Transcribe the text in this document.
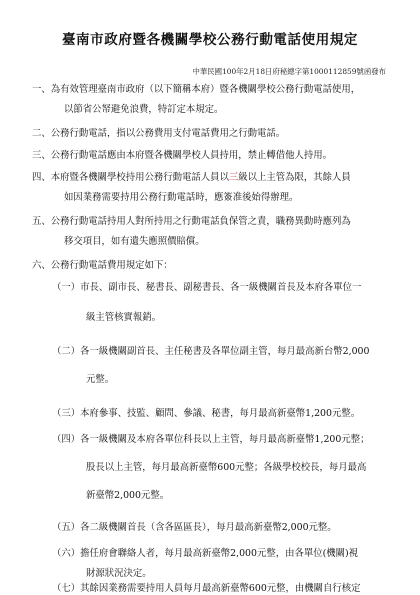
臺南市政府暨各機關學校公務行動電話使用規定
中華民國100年2月18日府秘總字第1000112859號函發布
一、為有效管理臺南市政府（以下簡稱本府）暨各機關學校公務行動電話使用，
以節省公帑避免浪費，特訂定本規定。
二、公務行動電話，指以公務費用支付電話費用之行動電話。
三、公務行動電話應由本府暨各機關學校人員持用，禁止轉借他人持用。
四、本府暨各機關學校持用公務行動電話人員以三級以上主管為限，其餘人員
如因業務需要持用公務行動電話時，應簽准後始得辦理。
五、公務行動電話持用人對所持用之行動電話負保管之責，職務異動時應列為
移交項目，如有遺失應照價賠償。
六、公務行動電話費用規定如下：
（一）市長、副市長、秘書長、副秘書長、各一級機關首長及本府各單位一
級主管核實報銷。
（二）各一級機關副首長、主任秘書及各單位副主管，每月最高新台幣2,000
元整。
（三）本府參事、技監、顧問、參議、秘書，每月最高新臺幣1,200元整。
（四）各一級機關及本府各單位科長以上主管，每月最高新臺幣1,200元整；
股長以上主管，每月最高新臺幣600元整；各級學校校長，每月最高
新臺幣2,000元整。
（五）各二級機關首長（含各區區長），每月最高新臺幣2,000元整。
（六）擔任府會聯絡人者，每月最高新臺幣2,000元整，由各單位(機關)視
財源狀況決定。
（七）其餘因業務需要持用人員每月最高新臺幣600元整，由機關自行核定
